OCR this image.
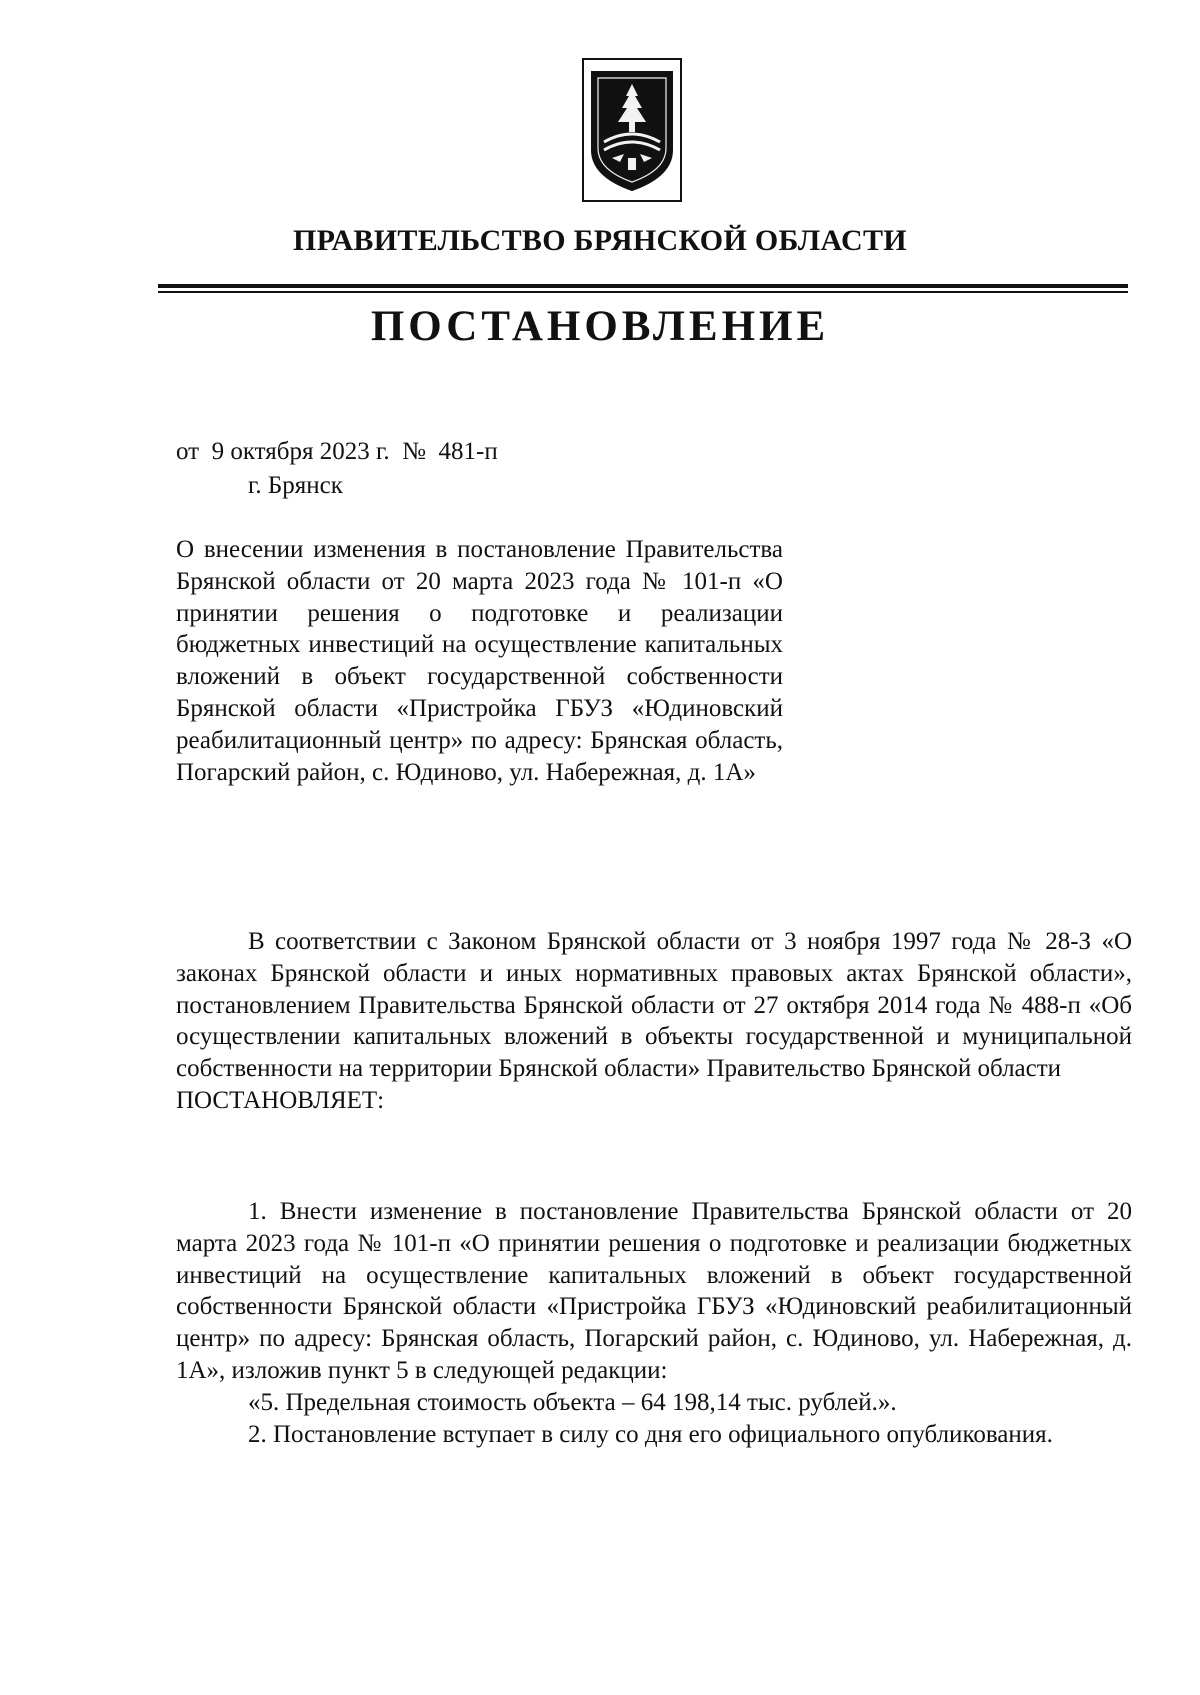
ПРАВИТЕЛЬСТВО БРЯНСКОЙ ОБЛАСТИ
ПОСТАНОВЛЕНИЕ
от  9 октября 2023 г.  №  481-п
г. Брянск
О внесении изменения в постановление Правительства Брянской области от 20 марта 2023 года № 101-п «О принятии решения о подготовке и реализации бюджетных инвестиций на осуществление капитальных вложений в объект государственной собственности Брянской области «Пристройка ГБУЗ «Юдиновский реабилитационный центр» по адресу: Брянская область, Погарский район, с. Юдиново, ул. Набережная, д. 1А»

В соответствии с Законом Брянской области от 3 ноября 1997 года № 28-З «О законах Брянской области и иных нормативных правовых актах Брянской области», постановлением Правительства Брянской области от 27 октября 2014 года № 488-п «Об осуществлении капитальных вложений в объекты государственной и муниципальной собственности на территории Брянской области» Правительство Брянской области

ПОСТАНОВЛЯЕТ:

1. Внести изменение в постановление Правительства Брянской области от 20 марта 2023 года № 101-п «О принятии решения о подготовке и реализации бюджетных инвестиций на осуществление капитальных вложений в объект государственной собственности Брянской области «Пристройка ГБУЗ «Юдиновский реабилитационный центр» по адресу: Брянская область, Погарский район, с. Юдиново, ул. Набережная, д. 1А», изложив пункт 5 в следующей редакции:

«5. Предельная стоимость объекта – 64 198,14 тыс. рублей.».

2. Постановление вступает в силу со дня его официального опубликования.
